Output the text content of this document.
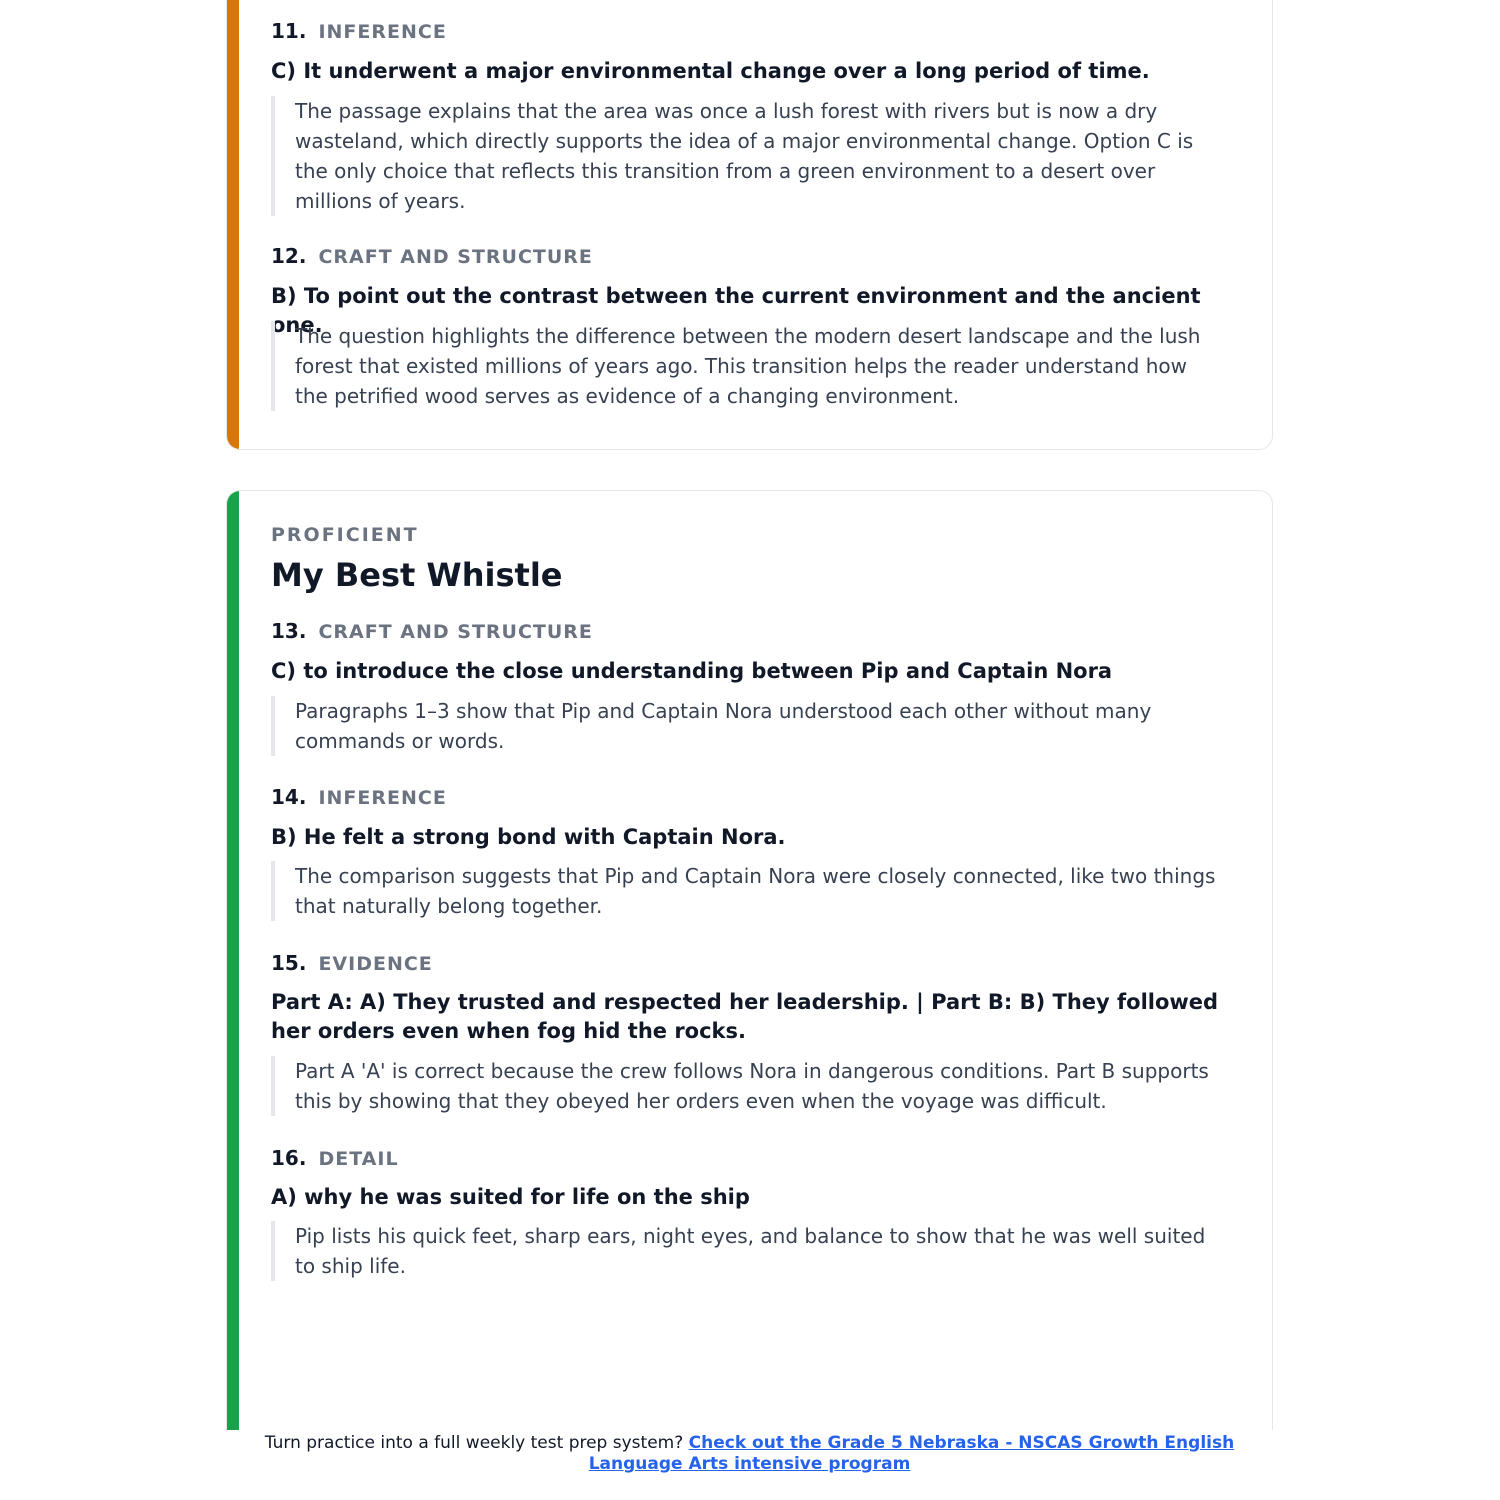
11. INFERENCE

C) It underwent a major environmental change over a long period of time.

The passage explains that the area was once a lush forest with rivers but is now a dry wasteland, which directly supports the idea of a major environmental change. Option C is the only choice that reflects this transition from a green environment to a desert over millions of years.

12. CRAFT AND STRUCTURE

B) To point out the contrast between the current environment and the ancient one.

The question highlights the difference between the modern desert landscape and the lush forest that existed millions of years ago. This transition helps the reader understand how the petrified wood serves as evidence of a changing environment.

PROFICIENT

My Best Whistle
13. CRAFT AND STRUCTURE

C) to introduce the close understanding between Pip and Captain Nora

Paragraphs 1–3 show that Pip and Captain Nora understood each other without many commands or words.

14. INFERENCE

B) He felt a strong bond with Captain Nora.

The comparison suggests that Pip and Captain Nora were closely connected, like two things that naturally belong together.

15. EVIDENCE

Part A: A) They trusted and respected her leadership. | Part B: B) They followed her orders even when fog hid the rocks.

Part A 'A' is correct because the crew follows Nora in dangerous conditions. Part B supports this by showing that they obeyed her orders even when the voyage was difficult.

16. DETAIL

A) why he was suited for life on the ship

Pip lists his quick feet, sharp ears, night eyes, and balance to show that he was well suited to ship life.

Turn practice into a full weekly test prep system? Check out the Grade 5 Nebraska - NSCAS Growth English Language Arts intensive program
